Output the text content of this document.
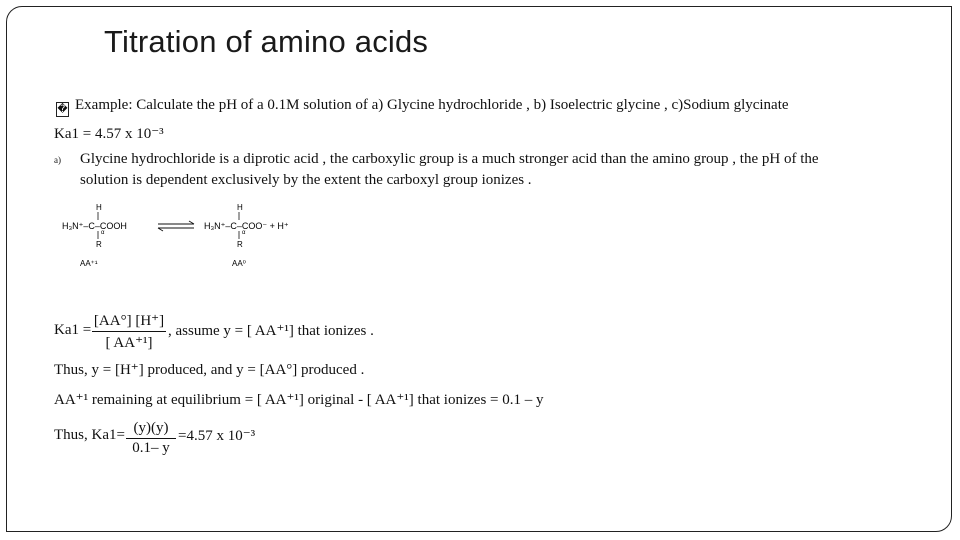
Titration of amino acids
� Example: Calculate the pH of a 0.1M solution of a) Glycine hydrochloride , b) Isoelectric glycine , c)Sodium glycinate
Ka1 = 4.57 x 10⁻³
a) Glycine hydrochloride is a diprotic acid , the carboxylic group is a much stronger acid than the amino group , the pH of the
solution is dependent exclusively by the extent the carboxyl group ionizes .
H
H₃N⁺–C–COOH
α
R
AA⁺¹
H
H₃N⁺–C–COO⁻ + H⁺
α
R
AA⁰
Ka1 =
[AA°] [H⁺]
[ AA⁺¹]
, assume y = [ AA⁺¹] that ionizes .
Thus, y = [H⁺] produced, and y = [AA°] produced .
AA⁺¹ remaining at equilibrium = [ AA⁺¹] original - [ AA⁺¹] that ionizes = 0.1 – y
Thus, Ka1= (y)(y)
0.1– y
=4.57 x 10⁻³
